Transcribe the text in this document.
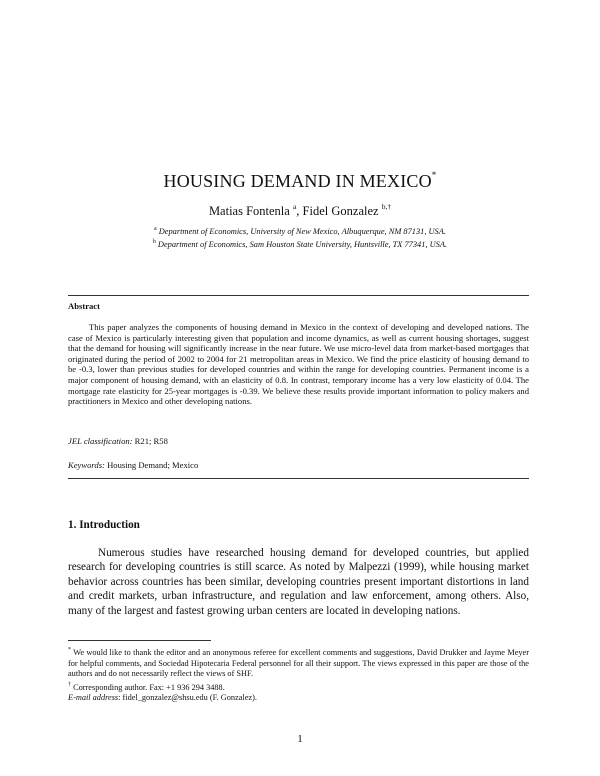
HOUSING DEMAND IN MEXICO*
Matias Fontenla $^a$, Fidel Gonzalez $^{b,\dagger}$
$^a$ Department of Economics, University of New Mexico, Albuquerque, NM 87131, USA.
$^b$ Department of Economics, Sam Houston State University, Huntsville, TX 77341, USA.
Abstract

This paper analyzes the components of housing demand in Mexico in the context of developing and developed nations. The case of Mexico is particularly interesting given that population and income dynamics, as well as current housing shortages, suggest that the demand for housing will significantly increase in the near future. We use micro-level data from market-based mortgages that originated during the period of 2002 to 2004 for 21 metropolitan areas in Mexico. We find the price elasticity of housing demand to be -0.3, lower than previous studies for developed countries and within the range for developing countries. Permanent income is a major component of housing demand, with an elasticity of 0.8. In contrast, temporary income has a very low elasticity of 0.04. The mortgage rate elasticity for 25-year mortgages is -0.39. We believe these results provide important information to policy makers and practitioners in Mexico and other developing nations.

JEL classification: R21; R58
Keywords: Housing Demand; Mexico
1. Introduction

Numerous studies have researched housing demand for developed countries, but applied research for developing countries is still scarce. As noted by Malpezzi (1999), while housing market behavior across countries has been similar, developing countries present important distortions in land and credit markets, urban infrastructure, and regulation and law enforcement, among others. Also, many of the largest and fastest growing urban centers are located in developing nations.

* We would like to thank the editor and an anonymous referee for excellent comments and suggestions, David Drukker and Jayme Meyer for helpful comments, and Sociedad Hipotecaria Federal personnel for all their support. The views expressed in this paper are those of the authors and do not necessarily reflect the views of SHF.

† Corresponding author. Fax: +1 936 294 3488.

E-mail address: fidel_gonzalez@shsu.edu (F. Gonzalez).

1
